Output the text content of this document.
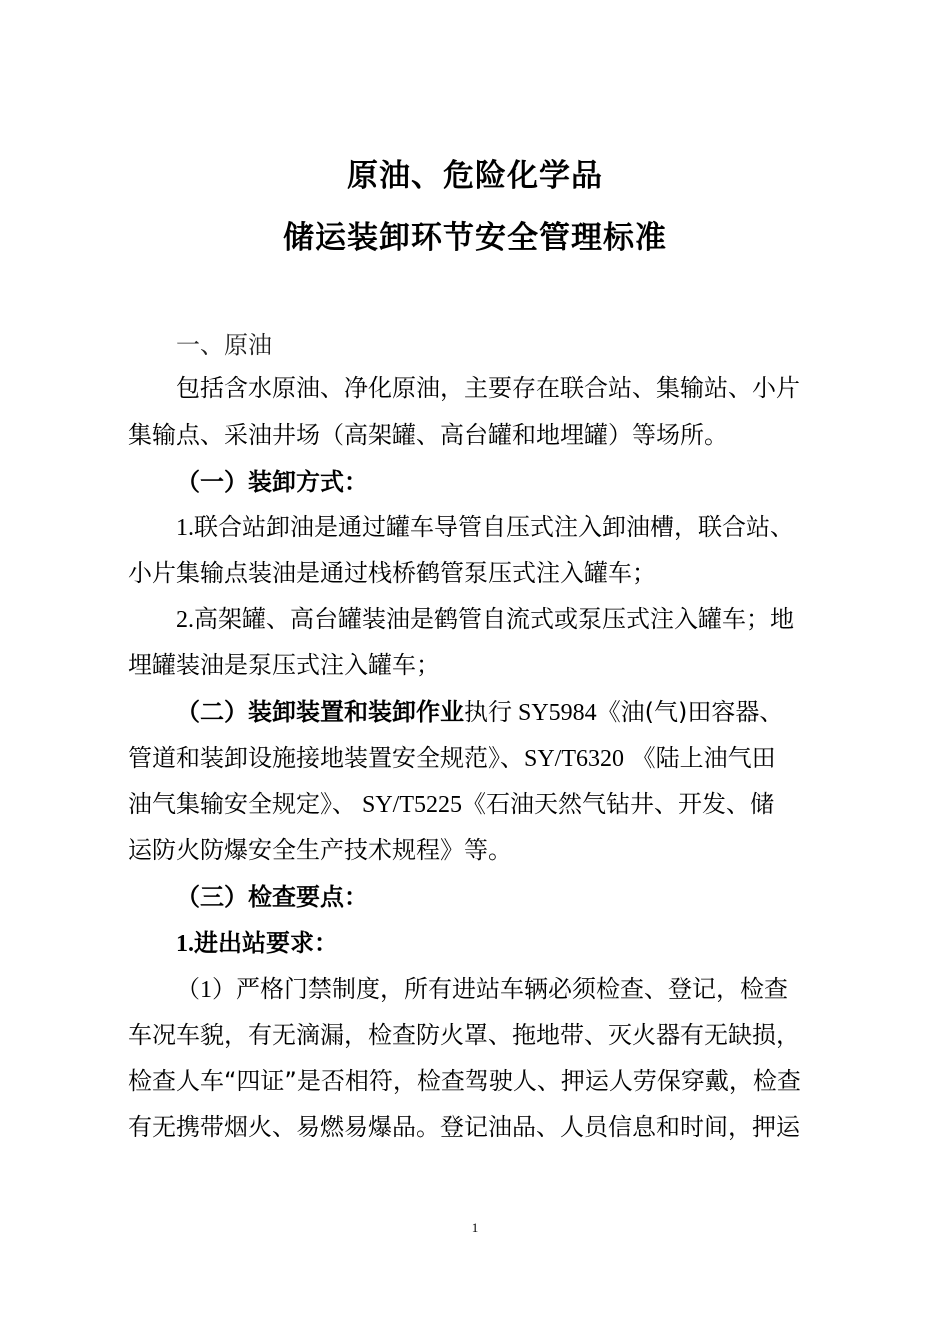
原油、危险化学品
储运装卸环节安全管理标准
一、原油
包括含水原油、净化原油，主要存在联合站、集输站、小片
集输点、采油井场（高架罐、高台罐和地埋罐）等场所。
（一）装卸方式：
1.联合站卸油是通过罐车导管自压式注入卸油槽，联合站、
小片集输点装油是通过栈桥鹤管泵压式注入罐车；
2.高架罐、高台罐装油是鹤管自流式或泵压式注入罐车；地
埋罐装油是泵压式注入罐车；
（二）装卸装置和装卸作业执行 SY5984《油(气)田容器、
管道和装卸设施接地装置安全规范》、SY/T6320 《陆上油气田
油气集输安全规定》、 SY/T5225《石油天然气钻井、开发、储
运防火防爆安全生产技术规程》等。
（三）检查要点：
1.进出站要求：
（1）严格门禁制度，所有进站车辆必须检查、登记，检查
车况车貌，有无滴漏，检查防火罩、拖地带、灭火器有无缺损，
检查人车“四证”是否相符，检查驾驶人、押运人劳保穿戴，检查
有无携带烟火、易燃易爆品。登记油品、人员信息和时间，押运
1
